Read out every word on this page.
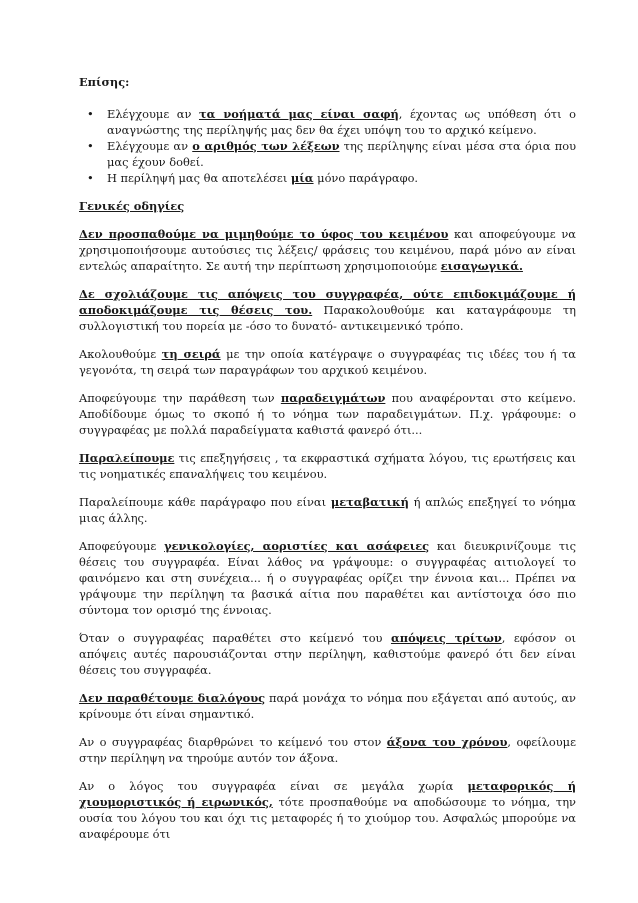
Επίσης:
• Ελέγχουμε αν τα νοήματά μας είναι σαφή, έχοντας ως υπόθεση ότι ο αναγνώστης της περίληψής μας δεν θα έχει υπόψη του το αρχικό κείμενο.
• Ελέγχουμε αν ο αριθμός των λέξεων της περίληψης είναι μέσα στα όρια που μας έχουν δοθεί.
• Η περίληψή μας θα αποτελέσει μία μόνο παράγραφο.
Γενικές οδηγίες

Δεν προσπαθούμε να μιμηθούμε το ύφος του κειμένου και αποφεύγουμε να χρησιμοποιήσουμε αυτούσιες τις λέξεις/ φράσεις του κειμένου, παρά μόνο αν είναι εντελώς απαραίτητο. Σε αυτή την περίπτωση χρησιμοποιούμε εισαγωγικά.

Δε σχολιάζουμε τις απόψεις του συγγραφέα, ούτε επιδοκιμάζουμε ή αποδοκιμάζουμε τις θέσεις του. Παρακολουθούμε και καταγράφουμε τη συλλογιστική του πορεία με -όσο το δυνατό- αντικειμενικό τρόπο.

Ακολουθούμε τη σειρά με την οποία κατέγραψε ο συγγραφέας τις ιδέες του ή τα γεγονότα, τη σειρά των παραγράφων του αρχικού κειμένου.

Αποφεύγουμε την παράθεση των παραδειγμάτων που αναφέρονται στο κείμενο. Αποδίδουμε όμως το σκοπό ή το νόημα των παραδειγμάτων. Π.χ. γράφουμε: ο συγγραφέας με πολλά παραδείγματα καθιστά φανερό ότι...

Παραλείπουμε τις επεξηγήσεις , τα εκφραστικά σχήματα λόγου, τις ερωτήσεις και τις νοηματικές επαναλήψεις του κειμένου.

Παραλείπουμε κάθε παράγραφο που είναι μεταβατική ή απλώς επεξηγεί το νόημα μιας άλλης.

Αποφεύγουμε γενικολογίες, αοριστίες και ασάφειες και διευκρινίζουμε τις θέσεις του συγγραφέα. Είναι λάθος να γράψουμε: ο συγγραφέας αιτιολογεί το φαινόμενο και στη συνέχεια... ή ο συγγραφέας ορίζει την έννοια και... Πρέπει να γράψουμε την περίληψη τα βασικά αίτια που παραθέτει και αντίστοιχα όσο πιο σύντομα τον ορισμό της έννοιας.

Όταν ο συγγραφέας παραθέτει στο κείμενό του απόψεις τρίτων, εφόσον οι απόψεις αυτές παρουσιάζονται στην περίληψη, καθιστούμε φανερό ότι δεν είναι θέσεις του συγγραφέα.

Δεν παραθέτουμε διαλόγους παρά μονάχα το νόημα που εξάγεται από αυτούς, αν κρίνουμε ότι είναι σημαντικό.

Αν ο συγγραφέας διαρθρώνει το κείμενό του στον άξονα του χρόνου, οφείλουμε στην περίληψη να τηρούμε αυτόν τον άξονα.

Αν ο λόγος του συγγραφέα είναι σε μεγάλα χωρία μεταφορικός ή χιουμοριστικός ή ειρωνικός, τότε προσπαθούμε να αποδώσουμε το νόημα, την ουσία του λόγου του και όχι τις μεταφορές ή το χιούμορ του. Ασφαλώς μπορούμε να αναφέρουμε ότι
